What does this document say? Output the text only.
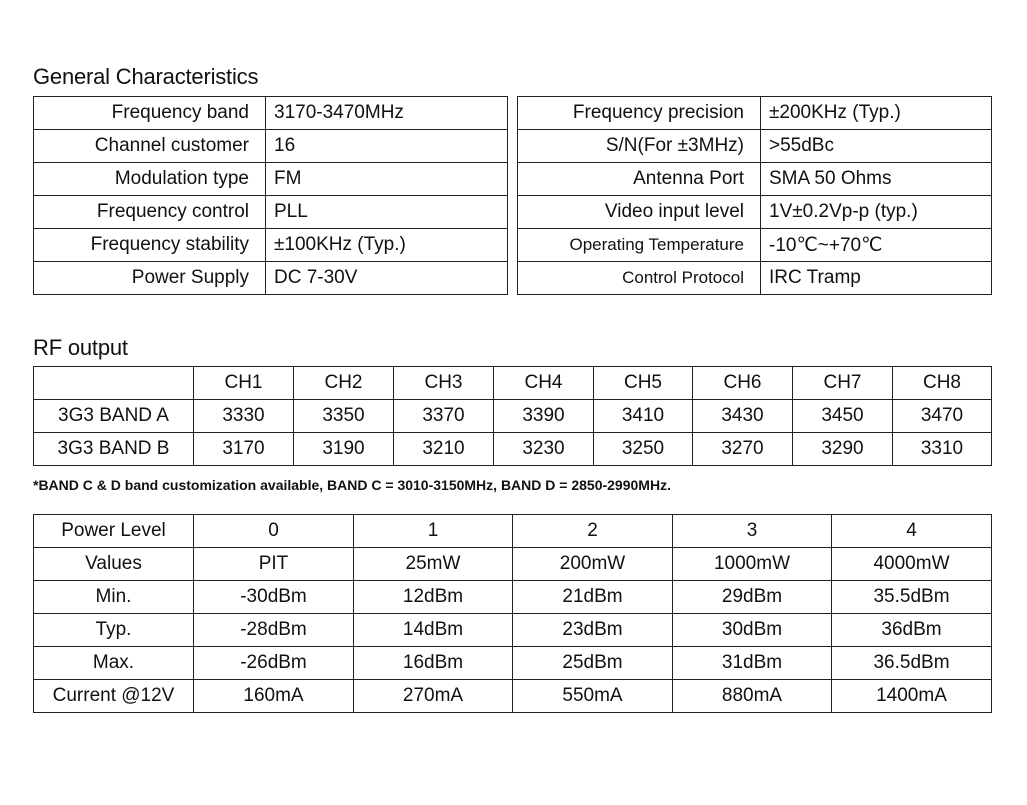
General Characteristics
Frequency band	3170-3470MHz
Channel customer	16
Modulation type	FM
Frequency control	PLL
Frequency stability	±100KHz (Typ.)
Power Supply	DC 7-30V
Frequency precision	±200KHz (Typ.)
S/N(For ±3MHz)	>55dBc
Antenna Port	SMA 50 Ohms
Video input level	1V±0.2Vp-p (typ.)
Operating Temperature	-10℃~+70℃
Control Protocol	IRC Tramp
RF output
	CH1	CH2	CH3	CH4	CH5	CH6	CH7	CH8
3G3 BAND A	3330	3350	3370	3390	3410	3430	3450	3470
3G3 BAND B	3170	3190	3210	3230	3250	3270	3290	3310

*BAND C & D band customization available, BAND C = 3010-3150MHz, BAND D = 2850-2990MHz.

Power Level	0	1	2	3	4
Values	PIT	25mW	200mW	1000mW	4000mW
Min.	-30dBm	12dBm	21dBm	29dBm	35.5dBm
Typ.	-28dBm	14dBm	23dBm	30dBm	36dBm
Max.	-26dBm	16dBm	25dBm	31dBm	36.5dBm
Current @12V	160mA	270mA	550mA	880mA	1400mA
